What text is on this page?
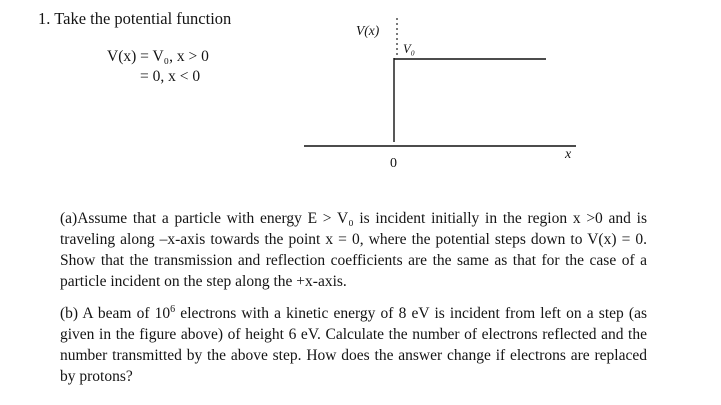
1. Take the potential function
V(x) = V₀, x > 0
= 0, x < 0
V(x)
V₀
x
0
(a)Assume that a particle with energy E > V₀ is incident initially in the region x >0 and is traveling along –x-axis towards the point x = 0, where the potential steps down to V(x) = 0. Show that the transmission and reflection coefficients are the same as that for the case of a particle incident on the step along the +x-axis.
(b) A beam of $10^6$ electrons with a kinetic energy of 8 eV is incident from left on a step (as given in the figure above) of height 6 eV. Calculate the number of electrons reflected and the number transmitted by the above step. How does the answer change if electrons are replaced by protons?
